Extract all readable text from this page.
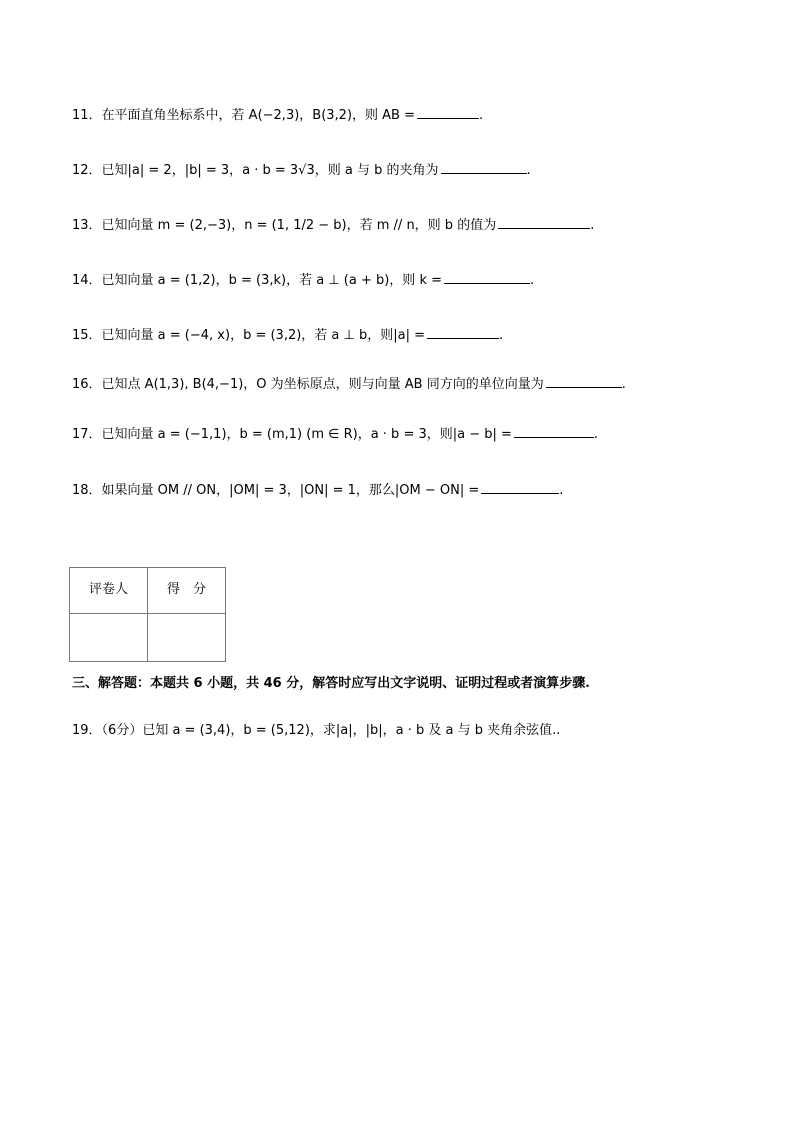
11．在平面直角坐标系中，若 A(−2,3)，B(3,2)，则 AB =	.
12．已知|a| = 2，|b| = 3，a · b = 3√3，则 a 与 b 的夹角为	.
13．已知向量 m = (2,−3)，n = (1, 1/2 − b)，若 m // n，则 b 的值为	.
14．已知向量 a = (1,2)，b = (3,k)，若 a ⊥ (a + b)，则 k =	.
15．已知向量 a = (−4, x)，b = (3,2)，若 a ⊥ b，则|a| =	.
16．已知点 A(1,3), B(4,−1)，O 为坐标原点，则与向量 AB 同方向的单位向量为	.
17．已知向量 a = (−1,1)，b = (m,1) (m ∈ R)，a · b = 3，则|a − b| =	.
18．如果向量 OM // ON，|OM| = 3，|ON| = 1，那么|OM − ON| =	.
评卷人	得　分

三、解答题：本题共 6 小题，共 46 分，解答时应写出文字说明、证明过程或者演算步骤.
19．（6分）已知 a = (3,4)，b = (5,12)，求|a|，|b|，a · b 及 a 与 b 夹角余弦值..
